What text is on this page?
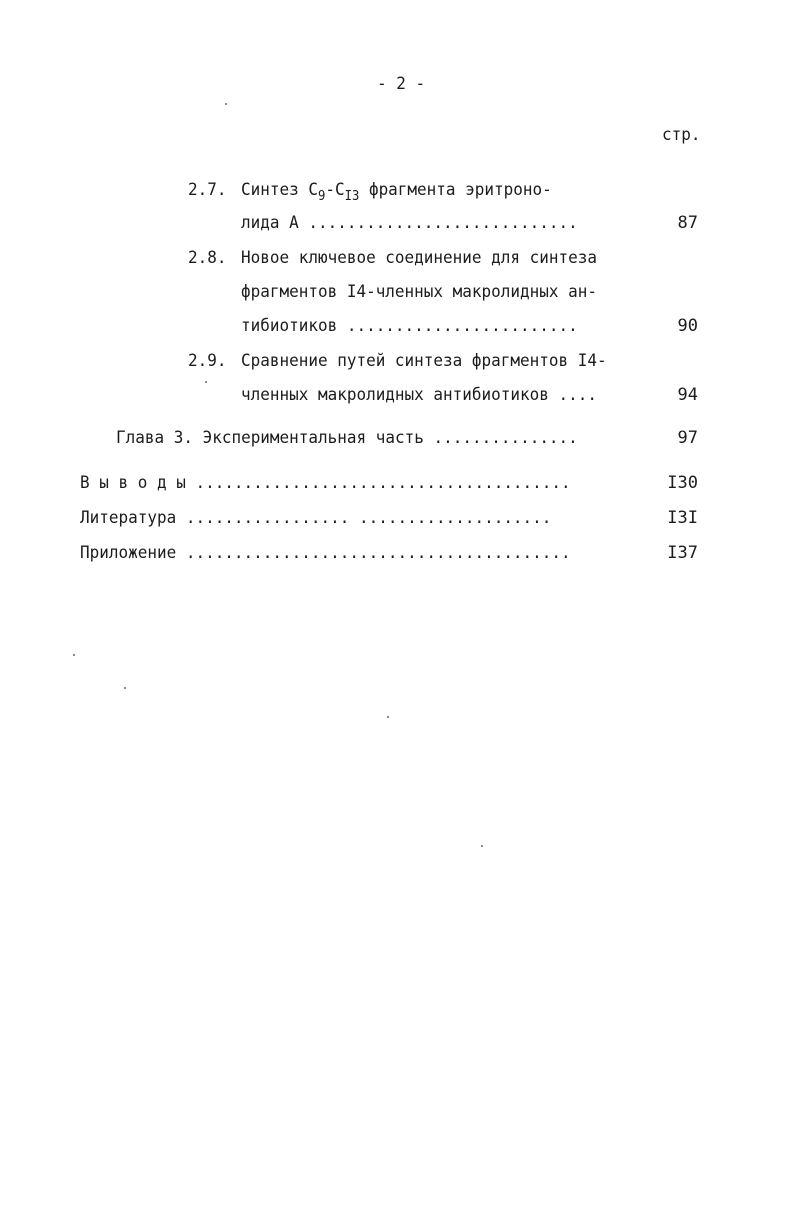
- 2 -
стр.
2.7. Синтез $C_9-C_{I3}$ фрагмента эритроно-
лида А ............................	87
2.8. Новое ключевое соединение для синтеза
фрагментов I4-членных макролидных ан-
тибиотиков ........................	90
2.9. Сравнение путей синтеза фрагментов I4-
членных макролидных антибиотиков ....	94
Глава 3. Экспериментальная часть ...............	97
В ы в о д ы .......................................	I30
Литература ................. ....................	I3I
Приложение ........................................	I37
